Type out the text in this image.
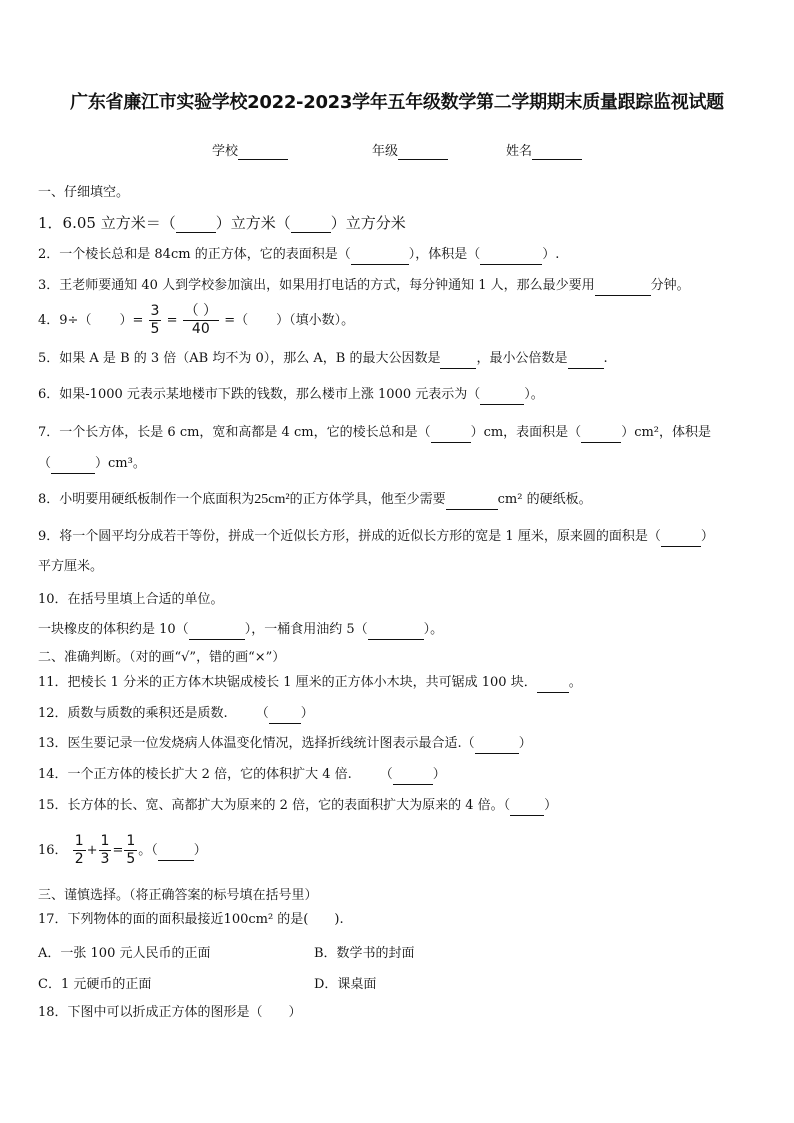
广东省廉江市实验学校2022-2023学年五年级数学第二学期期末质量跟踪监视试题
学校	年级	姓名
一、仔细填空。
1．6.05 立方米＝（	）立方米（	）立方分米
2．一个棱长总和是 84cm 的正方体，它的表面积是（	），体积是（	）.
3．王老师要通知 40 人到学校参加演出，如果用打电话的方式，每分钟通知 1 人，那么最少要用	分钟。
4．9÷（ ）= $\frac{3}{5} = \frac{( )}{40}$ =（ ）（填小数）。
5．如果 A 是 B 的 3 倍（AB 均不为 0），那么 A，B 的最大公因数是	，最小公倍数是	.
6．如果-1000 元表示某地楼市下跌的钱数，那么楼市上涨 1000 元表示为（	）。
7．一个长方体，长是 6 cm，宽和高都是 4 cm，它的棱长总和是（	）cm，表面积是（	）cm²，体积是
（	）cm³。
8．小明要用硬纸板制作一个底面积为25cm²的正方体学具，他至少需要	cm² 的硬纸板。
9．将一个圆平均分成若干等份，拼成一个近似长方形，拼成的近似长方形的宽是 1 厘米，原来圆的面积是（	）
平方厘米。
10．在括号里填上合适的单位。
一块橡皮的体积约是 10（	），一桶食用油约 5（	）。
二、准确判断。（对的画“√”，错的画“×”）
11．把棱长 1 分米的正方体木块锯成棱长 1 厘米的正方体小木块，共可锯成 100 块． 。
12．质数与质数的乘积还是质数. （ ）
13．医生要记录一位发烧病人体温变化情况，选择折线统计图表示最合适.（	）
14．一个正方体的棱长扩大 2 倍，它的体积扩大 4 倍. （	）
15．长方体的长、宽、高都扩大为原来的 2 倍，它的表面积扩大为原来的 4 倍。（	）
16． $\frac{1}{2} + \frac{1}{3} = \frac{1}{5}$ 。（	）
三、谨慎选择。（将正确答案的标号填在括号里）
17．下列物体的面的面积最接近100cm² 的是(　　).
A．一张 100 元人民币的正面	B．数学书的封面
C．1 元硬币的正面	D．课桌面
18．下图中可以折成正方体的图形是（　　）
